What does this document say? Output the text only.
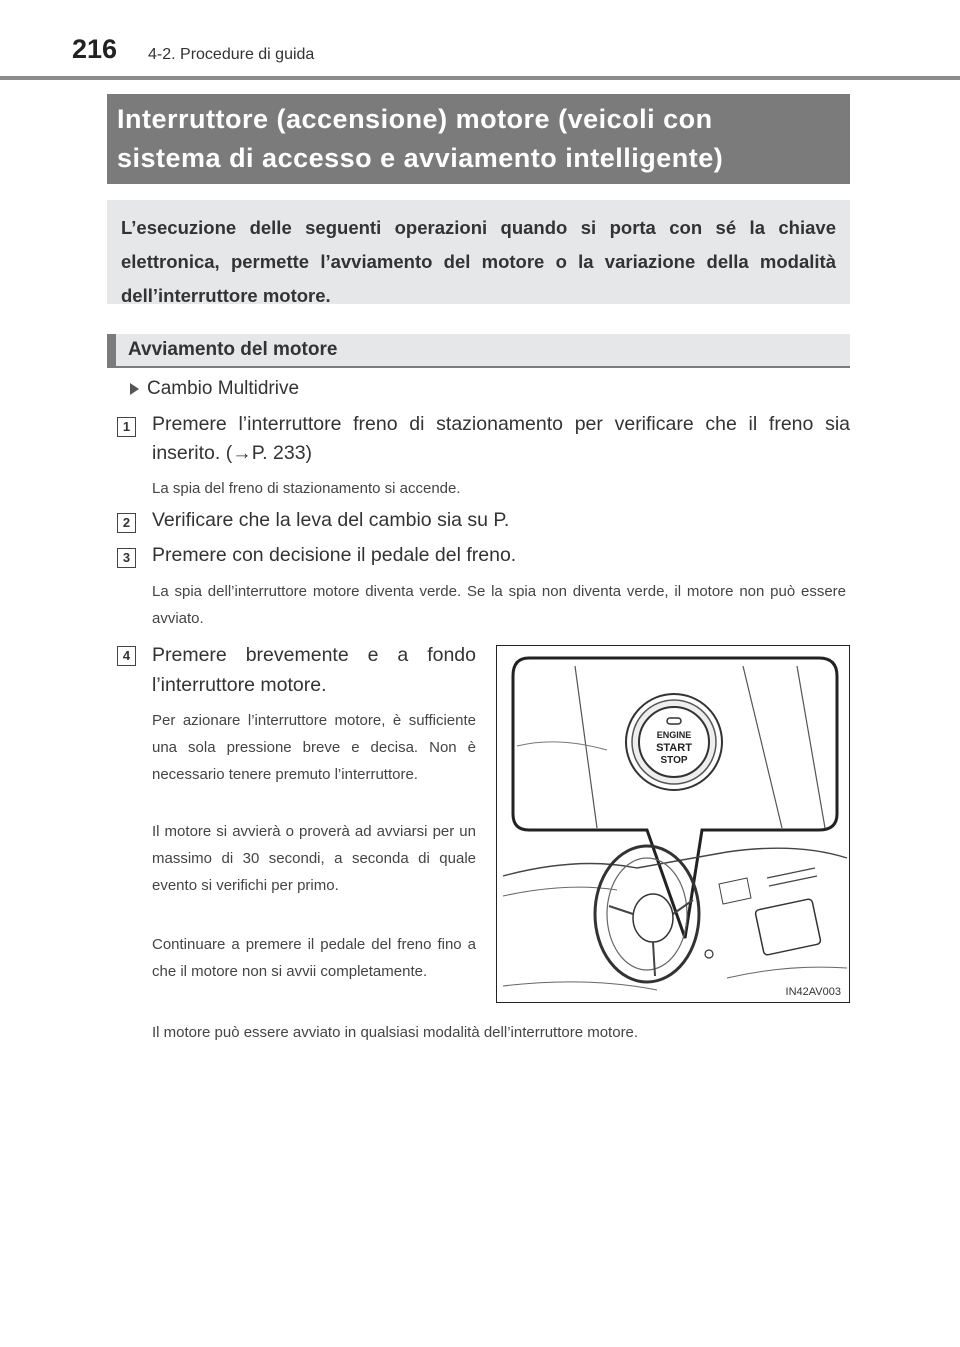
216 4-2. Procedure di guida
Interruttore (accensione) motore (veicoli con
sistema di accesso e avviamento intelligente)
L’esecuzione delle seguenti operazioni quando si porta con sé la chiave elettronica, permette l’avviamento del motore o la variazione della modalità dell’interruttore motore.
Avviamento del motore
Cambio Multidrive
1	Premere l’interruttore freno di stazionamento per verificare che il freno sia inserito. (→P. 233)
La spia del freno di stazionamento si accende.
2	Verificare che la leva del cambio sia su P.
3	Premere con decisione il pedale del freno.
La spia dell’interruttore motore diventa verde. Se la spia non diventa verde, il motore non può essere avviato.
4	Premere brevemente e a fondo l’interruttore motore.
Per azionare l’interruttore motore, è sufficiente una sola pressione breve e decisa. Non è necessario tenere premuto l’interruttore.
Il motore si avvierà o proverà ad avviarsi per un massimo di 30 secondi, a seconda di quale evento si verifichi per primo.
Continuare a premere il pedale del freno fino a che il motore non si avvii completamente.
Il motore può essere avviato in qualsiasi modalità dell’interruttore motore.
ENGINE
START
STOP
IN42AV003
